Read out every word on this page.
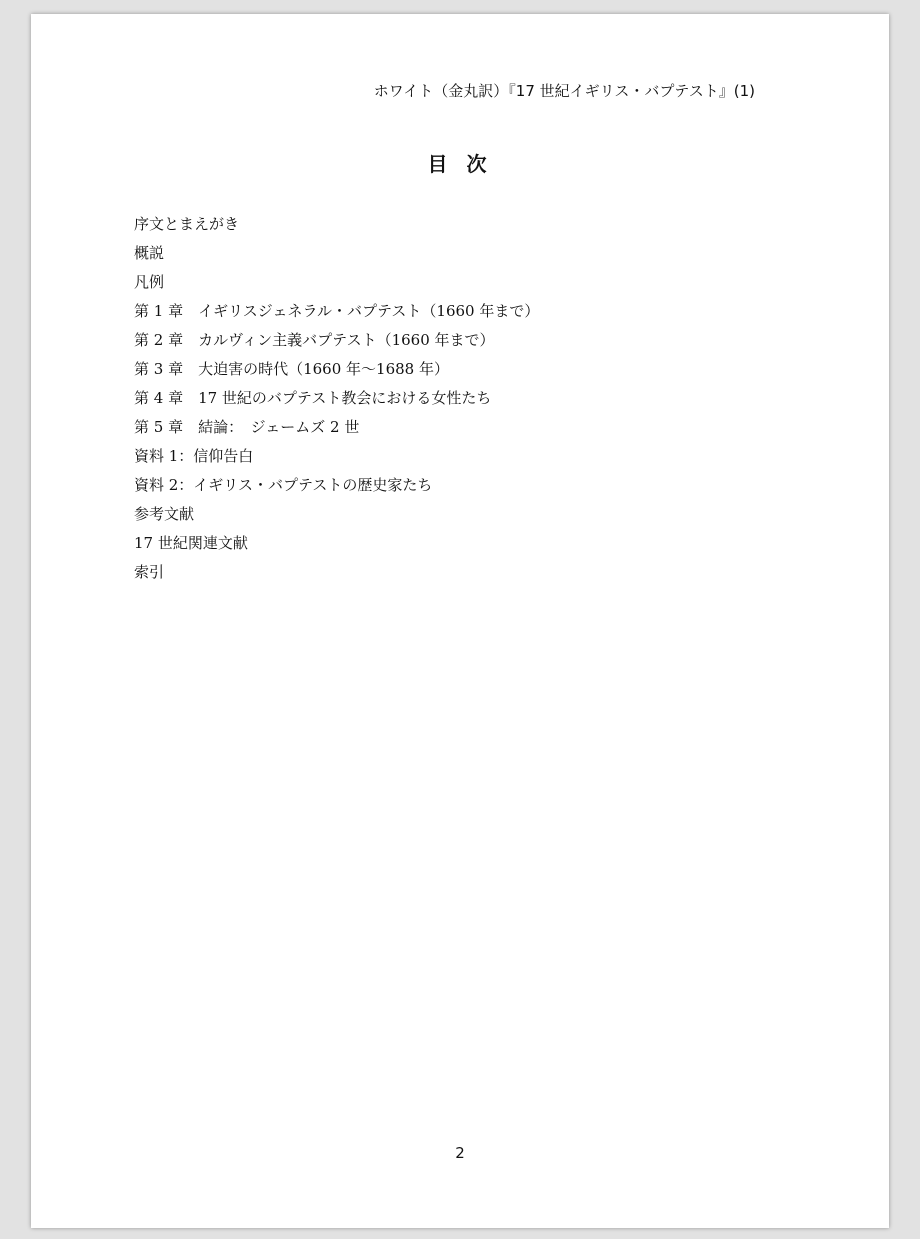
ホワイト（金丸訳）『17 世紀イギリス・バプテスト』(1)
目 次
序文とまえがき
概説
凡例
第 1 章　イギリスジェネラル・バプテスト（1660 年まで）
第 2 章　カルヴィン主義バプテスト（1660 年まで）
第 3 章　大迫害の時代（1660 年〜1688 年）
第 4 章　17 世紀のバプテスト教会における女性たち
第 5 章　結論：　ジェームズ 2 世
資料 1：信仰告白
資料 2：イギリス・バプテストの歴史家たち
参考文献
17 世紀関連文献
索引
2
